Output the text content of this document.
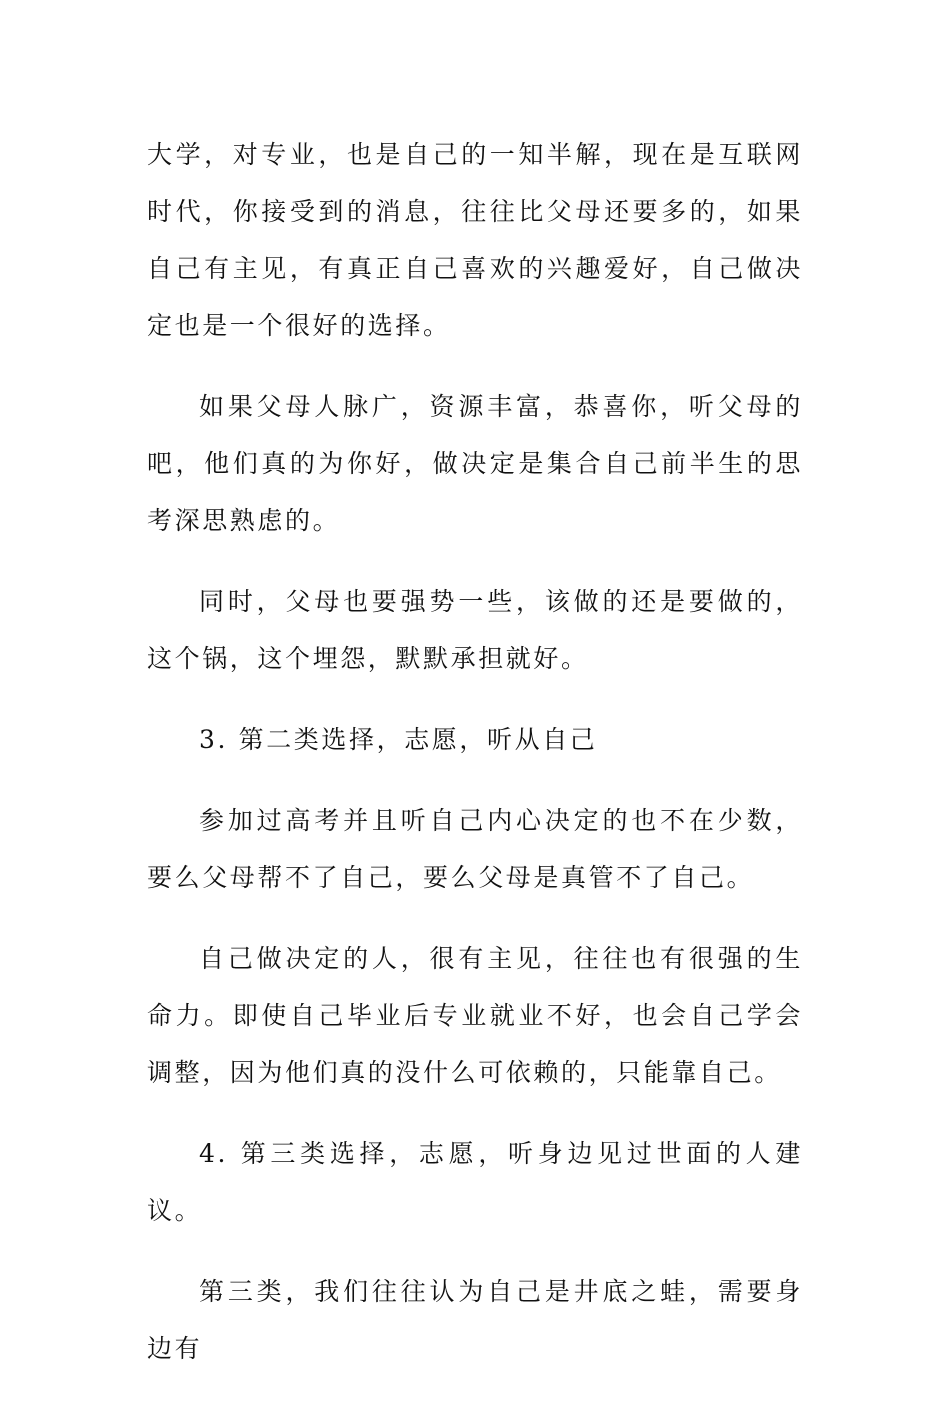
大学，对专业，也是自己的一知半解，现在是互联网时代，你接受到的消息，往往比父母还要多的，如果自己有主见，有真正自己喜欢的兴趣爱好，自己做决定也是一个很好的选择。

如果父母人脉广，资源丰富，恭喜你，听父母的吧，他们真的为你好，做决定是集合自己前半生的思考深思熟虑的。

同时，父母也要强势一些，该做的还是要做的，这个锅，这个埋怨，默默承担就好。

3. 第二类选择，志愿，听从自己

参加过高考并且听自己内心决定的也不在少数，要么父母帮不了自己，要么父母是真管不了自己。

自己做决定的人，很有主见，往往也有很强的生命力。即使自己毕业后专业就业不好，也会自己学会调整，因为他们真的没什么可依赖的，只能靠自己。

4. 第三类选择，志愿，听身边见过世面的人建议。

第三类，我们往往认为自己是井底之蛙，需要身边有
